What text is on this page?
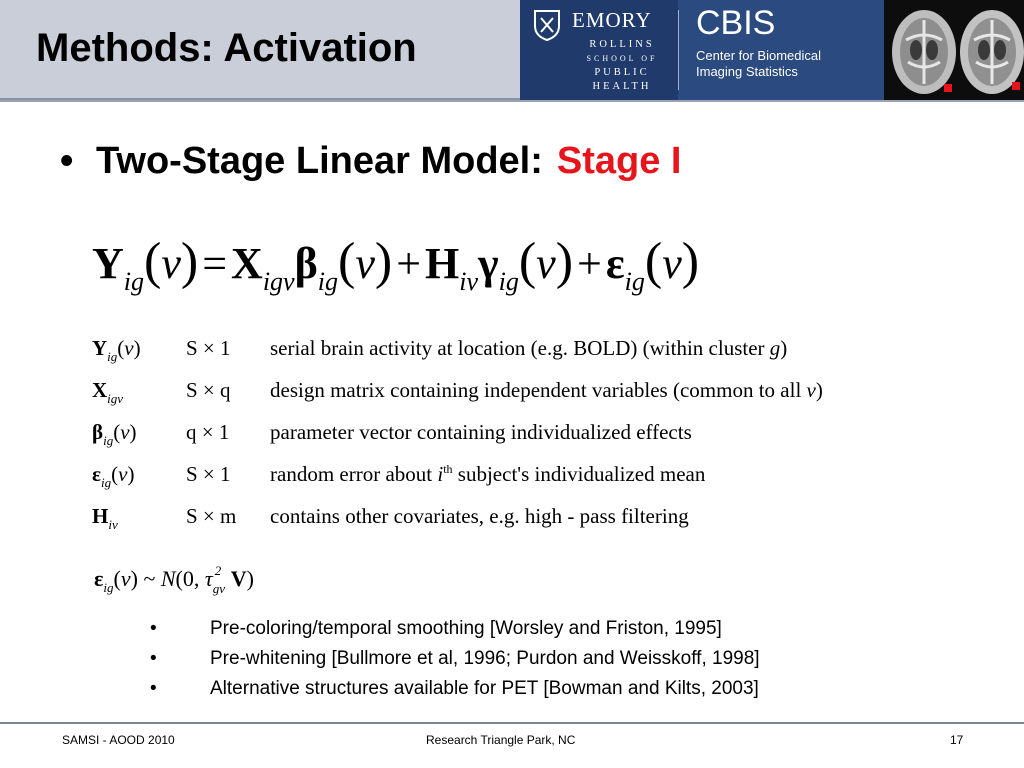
Methods: Activation
EMORY
ROLLINS
SCHOOL OF
PUBLIC
HEALTH
CBIS
Center for Biomedical
Imaging Statistics
• Two-Stage Linear Model: Stage I
$Y_{ig}(v)=X_{igv}\beta_{ig}(v)+H_{iv}\gamma_{ig}(v)+\varepsilon_{ig}(v)$
$Y_{ig}(v)$	S × 1	serial brain activity at location (e.g. BOLD) (within cluster g)
$X_{igv}$	S × q	design matrix containing independent variables (common to all v)
$\beta_{ig}(v)$	q × 1	parameter vector containing individualized effects
$\varepsilon_{ig}(v)$	S × 1	random error about $i^{th}$ subject's individualized mean
$H_{iv}$	S × m	contains other covariates, e.g. high - pass filtering
$\varepsilon_{ig}(v)$ ~ N(0, τ 2
gv V)
•	Pre-coloring/temporal smoothing [Worsley and Friston, 1995]
•	Pre-whitening [Bullmore et al, 1996; Purdon and Weisskoff, 1998]
•	Alternative structures available for PET [Bowman and Kilts, 2003]
SAMSI - AOOD 2010	Research Triangle Park, NC	17
